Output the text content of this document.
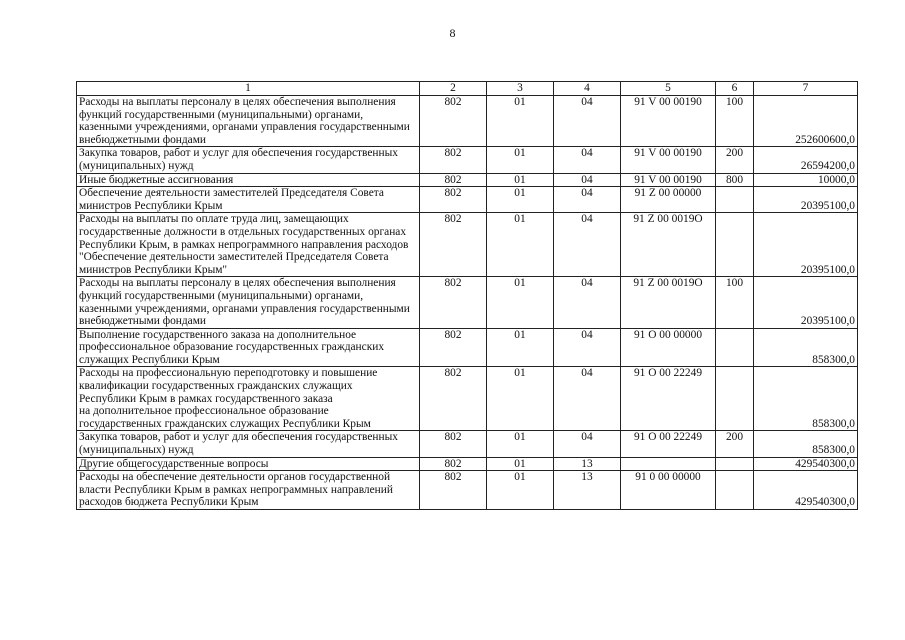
8
1	2	3	4	5	6	7

Расходы на выплаты персоналу в целях обеспечения выполнения
функций государственными (муниципальными) органами,
казенными учреждениями, органами управления государственными
внебюджетными фондами	802	01	04	91 V 00 00190	100	252600600,0

Закупка товаров, работ и услуг для обеспечения государственных
(муниципальных) нужд	802	01	04	91 V 00 00190	200	26594200,0

Иные бюджетные ассигнования	802	01	04	91 V 00 00190	800	10000,0

Обеспечение деятельности заместителей Председателя Совета
министров Республики Крым	802	01	04	91 Z 00 00000		20395100,0

Расходы на выплаты по оплате труда лиц, замещающих
государственные должности в отдельных государственных органах
Республики Крым, в рамках непрограммного направления расходов
"Обеспечение деятельности заместителей Председателя Совета
министров Республики Крым"	802	01	04	91 Z 00 0019О		20395100,0

Расходы на выплаты персоналу в целях обеспечения выполнения
функций государственными (муниципальными) органами,
казенными учреждениями, органами управления государственными
внебюджетными фондами	802	01	04	91 Z 00 0019О	100	20395100,0

Выполнение государственного заказа на дополнительное
профессиональное образование государственных гражданских
служащих Республики Крым	802	01	04	91 О 00 00000		858300,0

Расходы на профессиональную переподготовку и повышение
квалификации государственных гражданских служащих
Республики Крым в рамках государственного заказа
на дополнительное профессиональное образование
государственных гражданских служащих Республики Крым	802	01	04	91 О 00 22249		858300,0

Закупка товаров, работ и услуг для обеспечения государственных
(муниципальных) нужд	802	01	04	91 О 00 22249	200	858300,0

Другие общегосударственные вопросы	802	01	13			429540300,0

Расходы на обеспечение деятельности органов государственной
власти Республики Крым в рамках непрограммных направлений
расходов бюджета Республики Крым	802	01	13	91 0 00 00000		429540300,0
